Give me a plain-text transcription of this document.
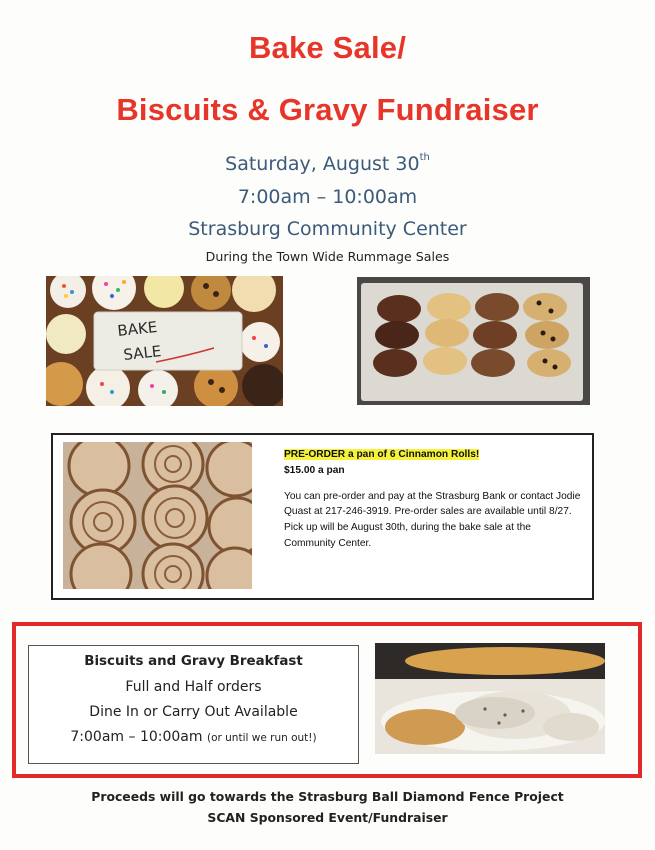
Bake Sale/
Biscuits & Gravy Fundraiser
Saturday, August 30th
7:00am – 10:00am
Strasburg Community Center
During the Town Wide Rummage Sales
BAKE
SALE
PRE-ORDER a pan of 6 Cinnamon Rolls!
$15.00 a pan
You can pre-order and pay at the Strasburg Bank or contact Jodie Quast at 217-246-3919. Pre-order sales are available until 8/27.
Pick up will be August 30th, during the bake sale at the Community Center.
Biscuits and Gravy Breakfast
Full and Half orders
Dine In or Carry Out Available
7:00am – 10:00am (or until we run out!)
Proceeds will go towards the Strasburg Ball Diamond Fence Project
SCAN Sponsored Event/Fundraiser
